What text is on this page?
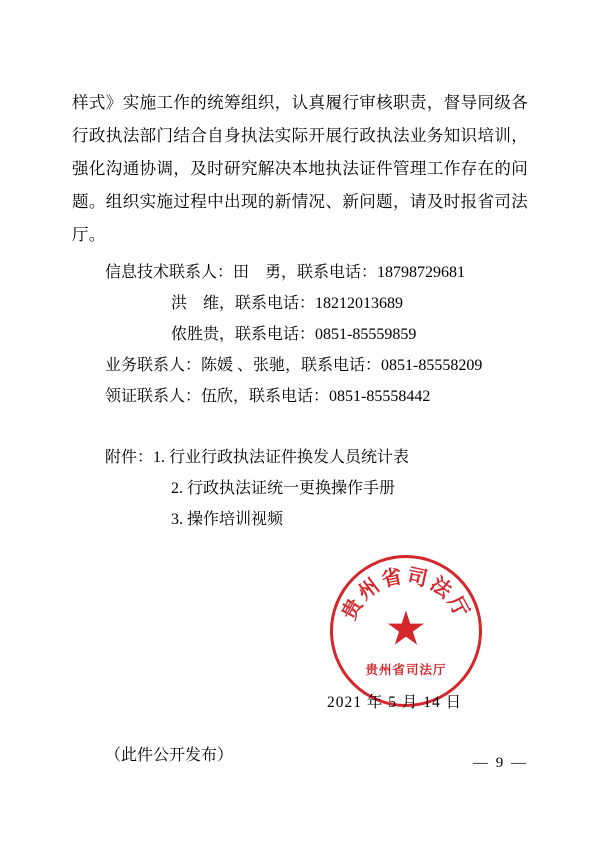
样式》实施工作的统筹组织，认真履行审核职责，督导同级各行政执法部门结合自身执法实际开展行政执法业务知识培训，强化沟通协调，及时研究解决本地执法证件管理工作存在的问题。组织实施过程中出现的新情况、新问题，请及时报省司法厅。

信息技术联系人：田　勇，联系电话：18798729681
洪　维，联系电话：18212013689
侬胜贵，联系电话：0851-85559859
业务联系人：陈媛 、张驰，联系电话：0851-85558209
领证联系人：伍欣，联系电话：0851-85558442
附件：1. 行业行政执法证件换发人员统计表
2. 行政执法证统一更换操作手册
3. 操作培训视频
贵州省司法厅
★
贵州省司法厅
2021 年 5 月 14 日
（此件公开发布）	— 9 —
